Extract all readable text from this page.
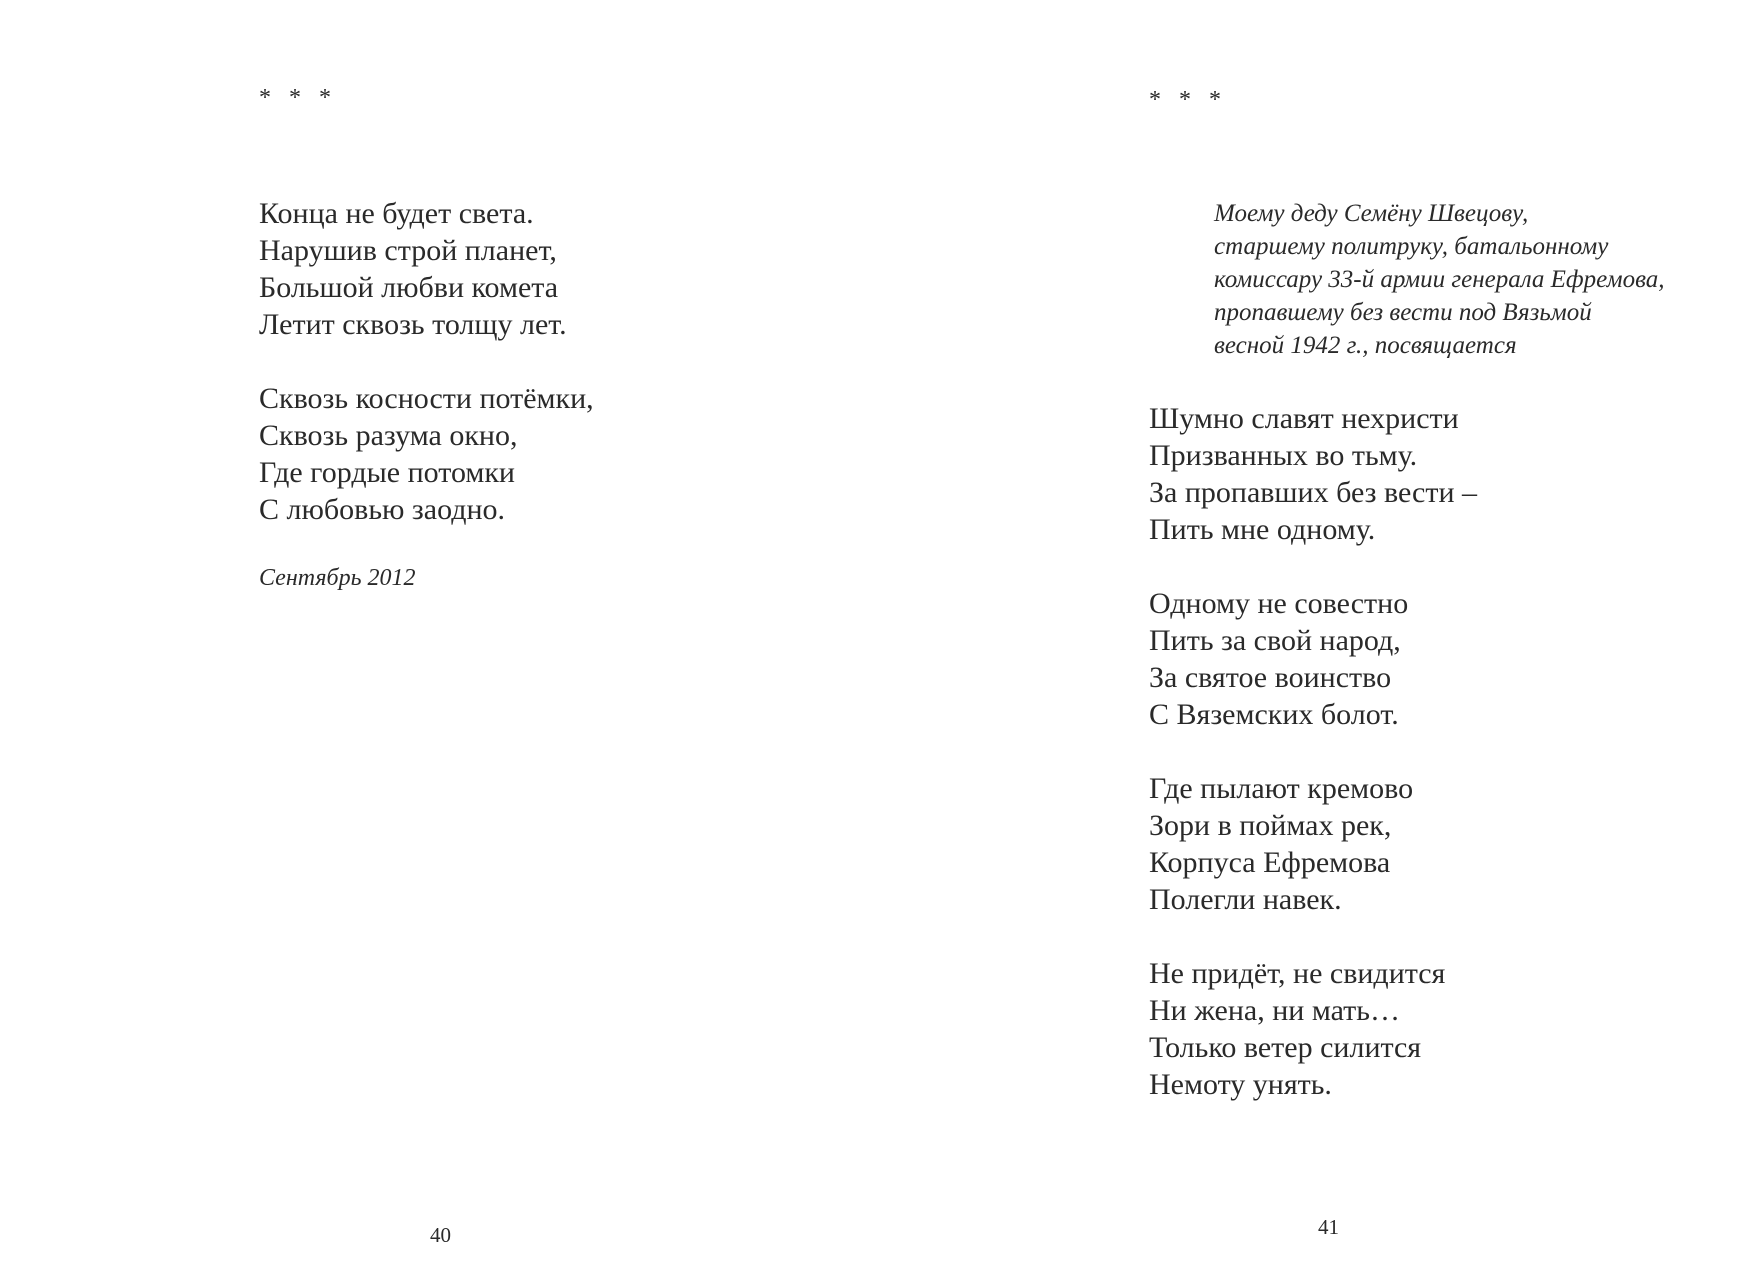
* * *
Конца не будет света.
Нарушив строй планет,
Большой любви комета
Летит сквозь толщу лет.
Сквозь косности потёмки,
Сквозь разума окно,
Где гордые потомки
С любовью заодно.
Сентябрь 2012
40
* * *
Моему деду Семёну Швецову,
старшему политруку, батальонному
комиссару 33-й армии генерала Ефремова,
пропавшему без вести под Вязьмой
весной 1942 г., посвящается
Шумно славят нехристи
Призванных во тьму.
За пропавших без вести –
Пить мне одному.
Одному не совестно
Пить за свой народ,
За святое воинство
С Вяземских болот.
Где пылают кремово
Зори в поймах рек,
Корпуса Ефремова
Полегли навек.
Не придёт, не свидится
Ни жена, ни мать…
Только ветер силится
Немоту унять.
41
